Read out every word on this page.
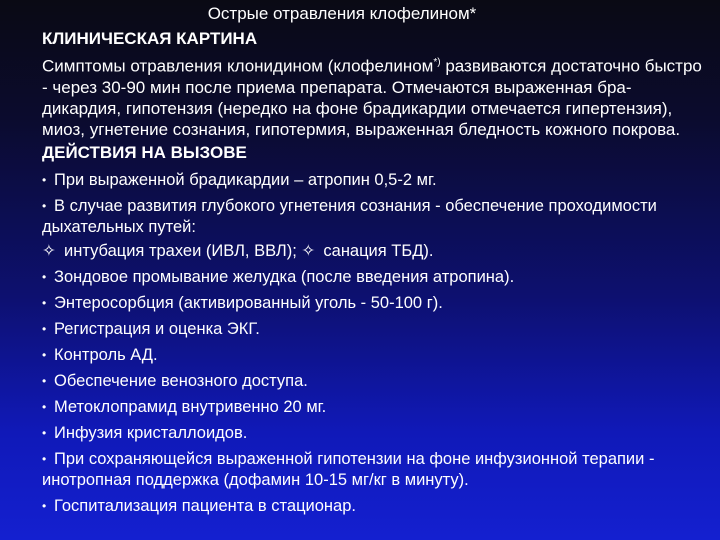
Острые отравления клофелином*
КЛИНИЧЕСКАЯ КАРТИНА
Симптомы отравления клонидином (клофелином*) развиваются достаточно быстро - через 30-90 мин после приема препарата. Отмечаются выраженная бра-дикардия, гипотензия (нередко на фоне брадикардии отмечается гипертензия), миоз, угнетение сознания, гипотермия, выраженная бледность кожного покрова.
ДЕЙСТВИЯ НА ВЫЗОВЕ
• При выраженной брадикардии – атропин 0,5-2 мг.
• В случае развития глубокого угнетения сознания - обеспечение проходимости дыхательных путей:
✧ интубация трахеи (ИВЛ, ВВЛ); ✧ санация ТБД).
• Зондовое промывание желудка (после введения атропина).
• Энтеросорбция (активированный уголь - 50-100 г).
• Регистрация и оценка ЭКГ.
• Контроль АД.
• Обеспечение венозного доступа.
• Метоклопрамид внутривенно 20 мг.
• Инфузия кристаллоидов.
• При сохраняющейся выраженной гипотензии на фоне инфузионной терапии - инотропная поддержка (дофамин 10-15 мг/кг в минуту).
• Госпитализация пациента в стационар.
